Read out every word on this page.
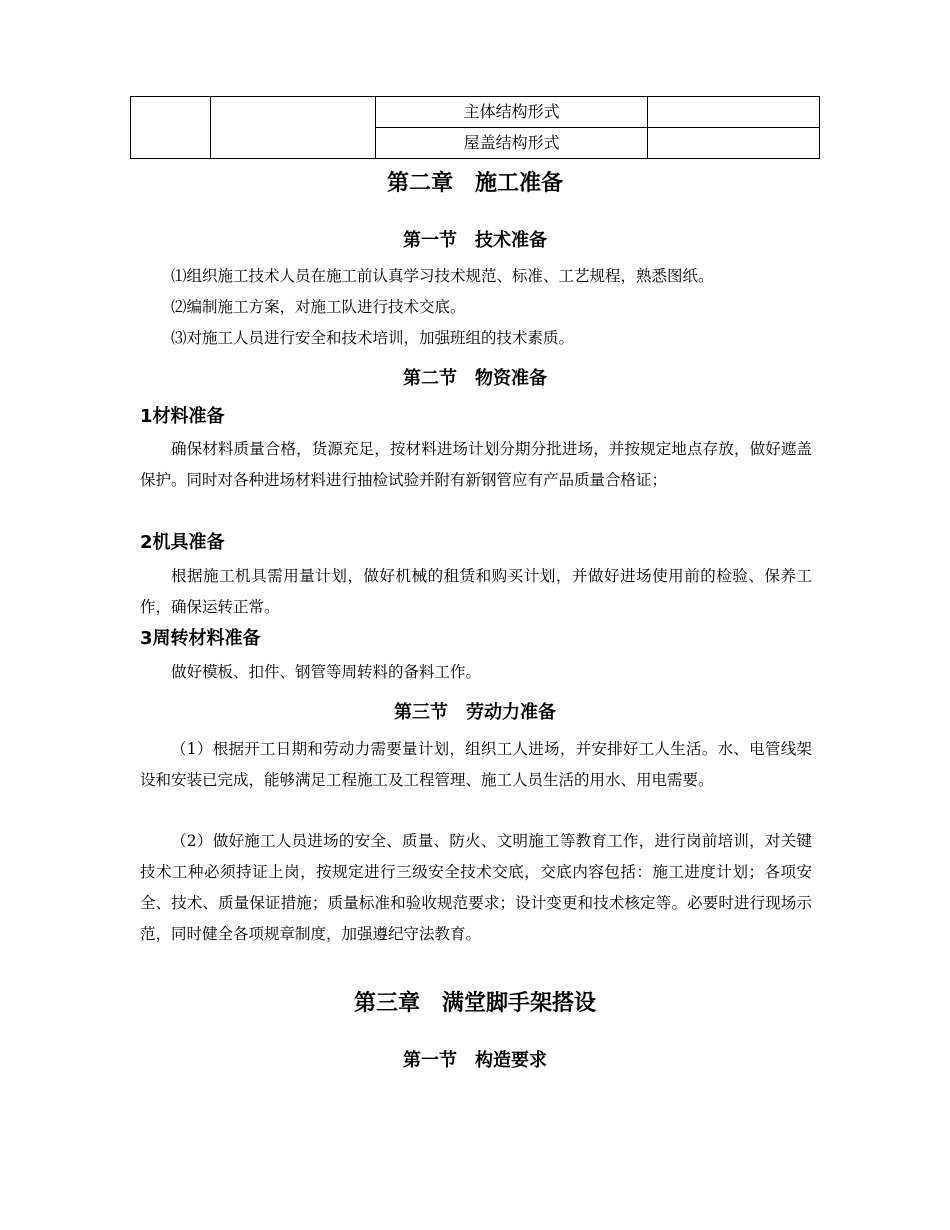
		主体结构形式	
		屋盖结构形式	
第二章　施工准备
第一节　技术准备

⑴组织施工技术人员在施工前认真学习技术规范、标准、工艺规程，熟悉图纸。

⑵编制施工方案，对施工队进行技术交底。

⑶对施工人员进行安全和技术培训，加强班组的技术素质。

第二节　物资准备
1材料准备

确保材料质量合格，货源充足，按材料进场计划分期分批进场，并按规定地点存放，做好遮盖保护。同时对各种进场材料进行抽检试验并附有新钢管应有产品质量合格证；

2机具准备

根据施工机具需用量计划，做好机械的租赁和购买计划，并做好进场使用前的检验、保养工作，确保运转正常。

3周转材料准备

做好模板、扣件、钢管等周转料的备料工作。

第三节　劳动力准备

（1）根据开工日期和劳动力需要量计划，组织工人进场，并安排好工人生活。水、电管线架设和安装已完成，能够满足工程施工及工程管理、施工人员生活的用水、用电需要。

（2）做好施工人员进场的安全、质量、防火、文明施工等教育工作，进行岗前培训，对关键技术工种必须持证上岗，按规定进行三级安全技术交底，交底内容包括：施工进度计划；各项安全、技术、质量保证措施；质量标准和验收规范要求；设计变更和技术核定等。必要时进行现场示范，同时健全各项规章制度，加强遵纪守法教育。

第三章　满堂脚手架搭设
第一节　构造要求
